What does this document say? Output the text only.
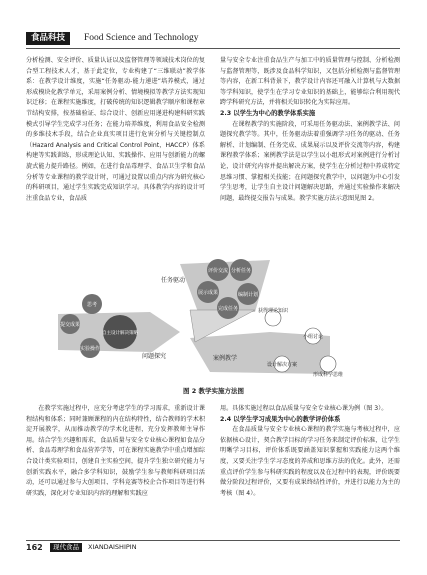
食品科技	Food Science and Technology

分析检测、安全评价、质量认证以及监督管理等领域技术岗位的复合型工程技术人才，基于此定位，专业构建了“三维联动”教学体系：在教学设计维度，实施“任务驱动-能力递进”培养模式，通过形成模块化教学单元，采用案例分析、情境模拟等教学方法实现知识迁移；在课程实施维度，打破传统的知识逻辑教学顺序和课程章节结构安排，按基础验证、综合设计、创新应用递进构建科研实践模式引导学生完成学习任务；在能力培养维度，利用食品安全检测的多维技术手段，结合企业真实项目进行危害分析与关键控制点（Hazard Analysis and Critical Control Point，HACCP）体系构建等实践训练，形成理论认知、实践操作、应用与创新能力的螺旋式能力提升路径。例如，在进行食品毒理学、食品卫生学和食品分析等专业课程的教学设计时，可通过设置以重点内容为研究核心的科研项目，通过学生实践完成知识学习。具体教学内容的设计可注重食品专业，食品质

量与安全专业注重食品生产与加工中的质量管理与控制、分析检测与监督管理等，既涉及食品科学知识，又包括分析检测与监督管理等内容，在新工科背景下，教学设计内容还可融入计算机与大数据等学科知识，使学生在学习专业知识的基础上，能够综合利用现代跨学科研究方法，并将相关知识转化为实际应用。

2.3 以学生为中心的教学体系实施

在课程教学的实施阶段，可采用任务驱动法、案例教学法、问题探究教学等。其中，任务驱动法着重强调学习任务的驱动、任务解析、计划编制、任务完成、成果展示以及评价交流等内容，构建课程教学体系；案例教学法是以学生以小组形式对案例进行分析讨论，设计研究内容并提出解决方案，使学生在分析过程中养成特定思维习惯、掌握相关技能；在问题探究教学中，以问题为中心引发学生思考，让学生自主设计问题解决思路，并通过实验操作来解决问题，最终提交报告与成果。教学实施方法示意图见图 2。

评价交流 分析任务
编制计划
完成任务
展示成果
任务驱动
案例教学
问题探究
提交成果
思考
自主设计解决策略
实验操作
获得理论知识
小组讨论
设计解决方案
形成科学思维
图 2 教学实施方法图

在教学实施过程中，应充分考虑学生的学习需求，重新设计课程结构和体系；同时兼顾课程的内在结构特性，结合教师的学术积淀开展教学，从而推动教学的学术化进程，充分发挥教师主导作用。结合学生兴趣和需求，食品质量与安全专业核心课程如食品分析、食品毒理学和食品营养学等，可在课程实施教学中重点增加综合设计类实验项目，创建自主实验空间，提升学生独立研究能力与创新实践水平，融合多学科知识，鼓励学生参与教师科研项目活动，还可以通过参与大创项目、学科竞赛等校企合作项目等进行科研实践，深化对专业知识内容的理解和实践应

用。具体实施过程以食品质量与安全专业核心课为例（图 3）。

2.4 以学生学习成果为中心的教学评价体系

在食品质量与安全专业核心课程的教学实施与考核过程中，应依据核心设计，契合教学目标的学习任务来制定评价标准，让学生明晰学习目标，评价体系既要涵盖知识掌握和实践能力这两个维度，又要关注学生学习态度的养成和思维方法的优化。此外，还需重点评价学生参与科研实践的程度以及在过程中的表现，评价既要做分阶段过程评价，又要有成果终结性评价，并进行以能力为主的考核（图 4）。

162	现代食品	XIANDAISHIPIN
